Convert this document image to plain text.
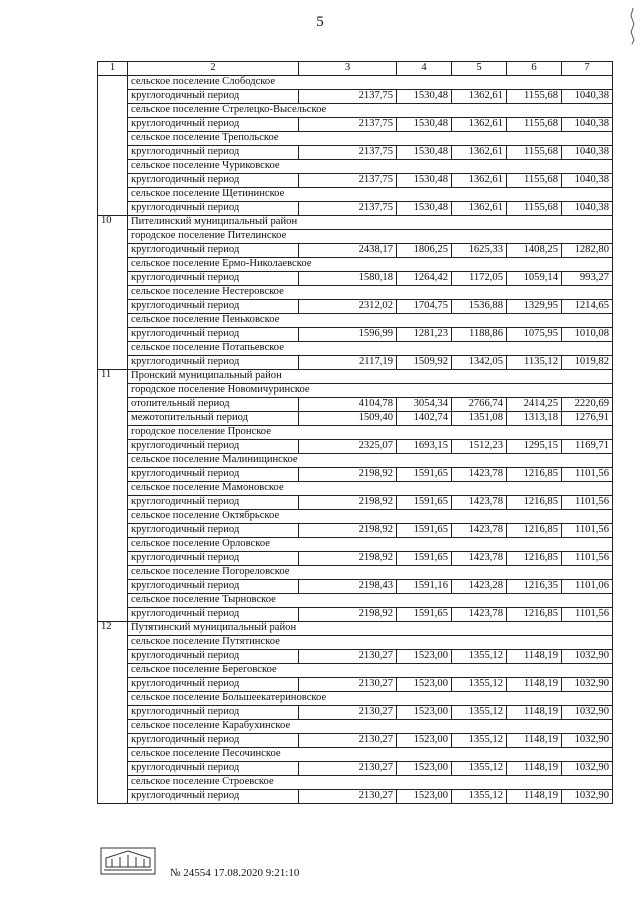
5
1	2	3	4	5	6	7
	сельское поселение Слободское					
	круглогодичный период	2137,75	1530,48	1362,61	1155,68	1040,38
	сельское поселение Стрелецко-Высельское					
	круглогодичный период	2137,75	1530,48	1362,61	1155,68	1040,38
	сельское поселение Трепольское					
	круглогодичный период	2137,75	1530,48	1362,61	1155,68	1040,38
	сельское поселение Чуриковское					
	круглогодичный период	2137,75	1530,48	1362,61	1155,68	1040,38
	сельское поселение Щетининское					
	круглогодичный период	2137,75	1530,48	1362,61	1155,68	1040,38
10	Пителинский муниципальный район					
	городское поселение Пителинское					
	круглогодичный период	2438,17	1806,25	1625,33	1408,25	1282,80
	сельское поселение Ермо-Николаевское					
	круглогодичный период	1580,18	1264,42	1172,05	1059,14	993,27
	сельское поселение Нестеровское					
	круглогодичный период	2312,02	1704,75	1536,88	1329,95	1214,65
	сельское поселение Пеньковское					
	круглогодичный период	1596,99	1281,23	1188,86	1075,95	1010,08
	сельское поселение Потапьевское					
	круглогодичный период	2117,19	1509,92	1342,05	1135,12	1019,82
11	Пронский муниципальный район					
	городское поселение Новомичуринское					
	отопительный период	4104,78	3054,34	2766,74	2414,25	2220,69
	межотопительный период	1509,40	1402,74	1351,08	1313,18	1276,91
	городское поселение Пронское					
	круглогодичный период	2325,07	1693,15	1512,23	1295,15	1169,71
	сельское поселение Малинищинское					
	круглогодичный период	2198,92	1591,65	1423,78	1216,85	1101,56
	сельское поселение Мамоновское					
	круглогодичный период	2198,92	1591,65	1423,78	1216,85	1101,56
	сельское поселение Октябрьское					
	круглогодичный период	2198,92	1591,65	1423,78	1216,85	1101,56
	сельское поселение Орловское					
	круглогодичный период	2198,92	1591,65	1423,78	1216,85	1101,56
	сельское поселение Погореловское					
	круглогодичный период	2198,43	1591,16	1423,28	1216,35	1101,06
	сельское поселение Тырновское					
	круглогодичный период	2198,92	1591,65	1423,78	1216,85	1101,56
12	Путятинский муниципальный район					
	сельское поселение Путятинское					
	круглогодичный период	2130,27	1523,00	1355,12	1148,19	1032,90
	сельское поселение Береговское					
	круглогодичный период	2130,27	1523,00	1355,12	1148,19	1032,90
	сельское поселение Большеекатериновское					
	круглогодичный период	2130,27	1523,00	1355,12	1148,19	1032,90
	сельское поселение Карабухинское					
	круглогодичный период	2130,27	1523,00	1355,12	1148,19	1032,90
	сельское поселение Песочинское					
	круглогодичный период	2130,27	1523,00	1355,12	1148,19	1032,90
	сельское поселение Строевское					
	круглогодичный период	2130,27	1523,00	1355,12	1148,19	1032,90
№ 24554 17.08.2020 9:21:10
